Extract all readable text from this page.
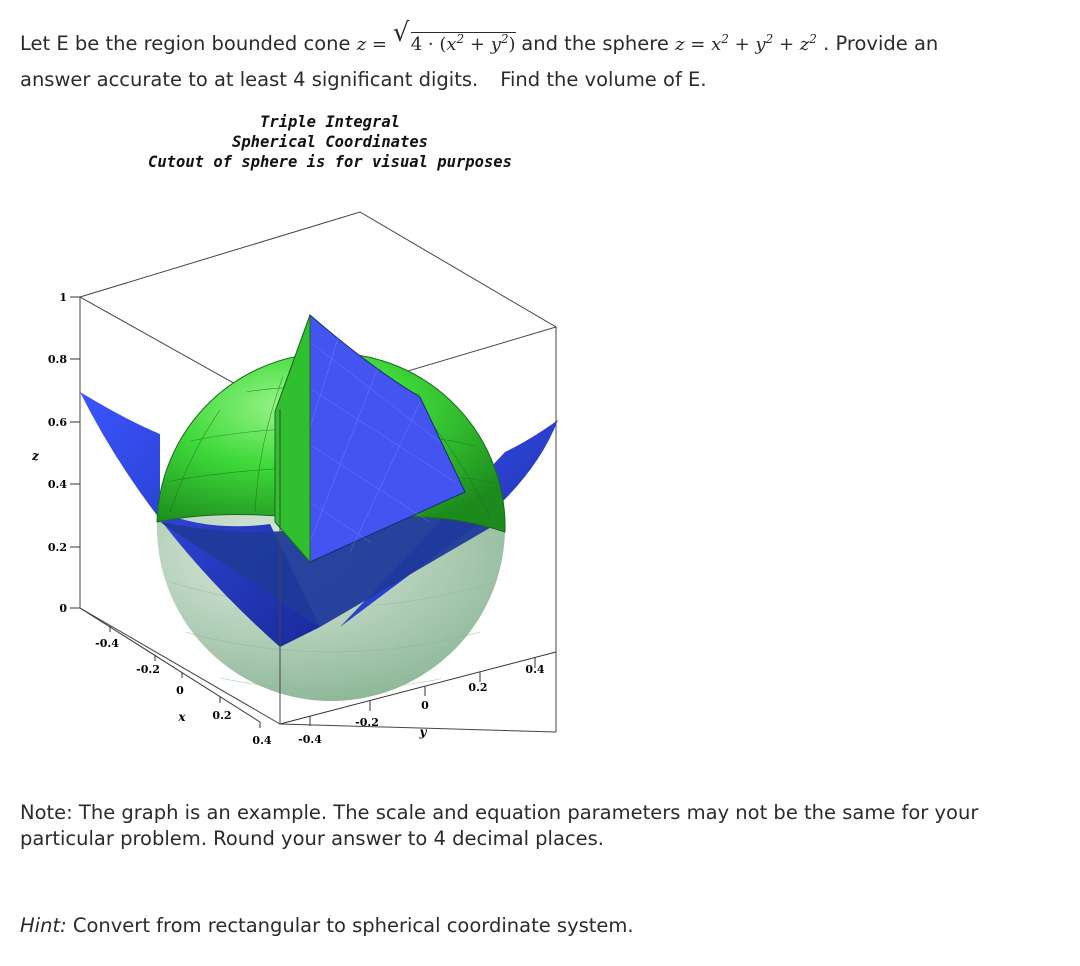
Let E be the region bounded cone z = √ $4 \cdot (x^2 + y^2)$ and the sphere $z = x^2 + y^2 + z^2$ . Provide an
answer accurate to at least 4 significant digits. Find the volume of E.
Triple Integral
Spherical Coordinates
Cutout of sphere is for visual purposes
1
0.8
0.6
0.4
0.2
0
z
-0.4
-0.2
0
0.2
0.4
x
-0.4
-0.2
0
0.2
0.4
y
Note: The graph is an example. The scale and equation parameters may not be the same for your particular problem. Round your answer to 4 decimal places.
Hint: Convert from rectangular to spherical coordinate system.
